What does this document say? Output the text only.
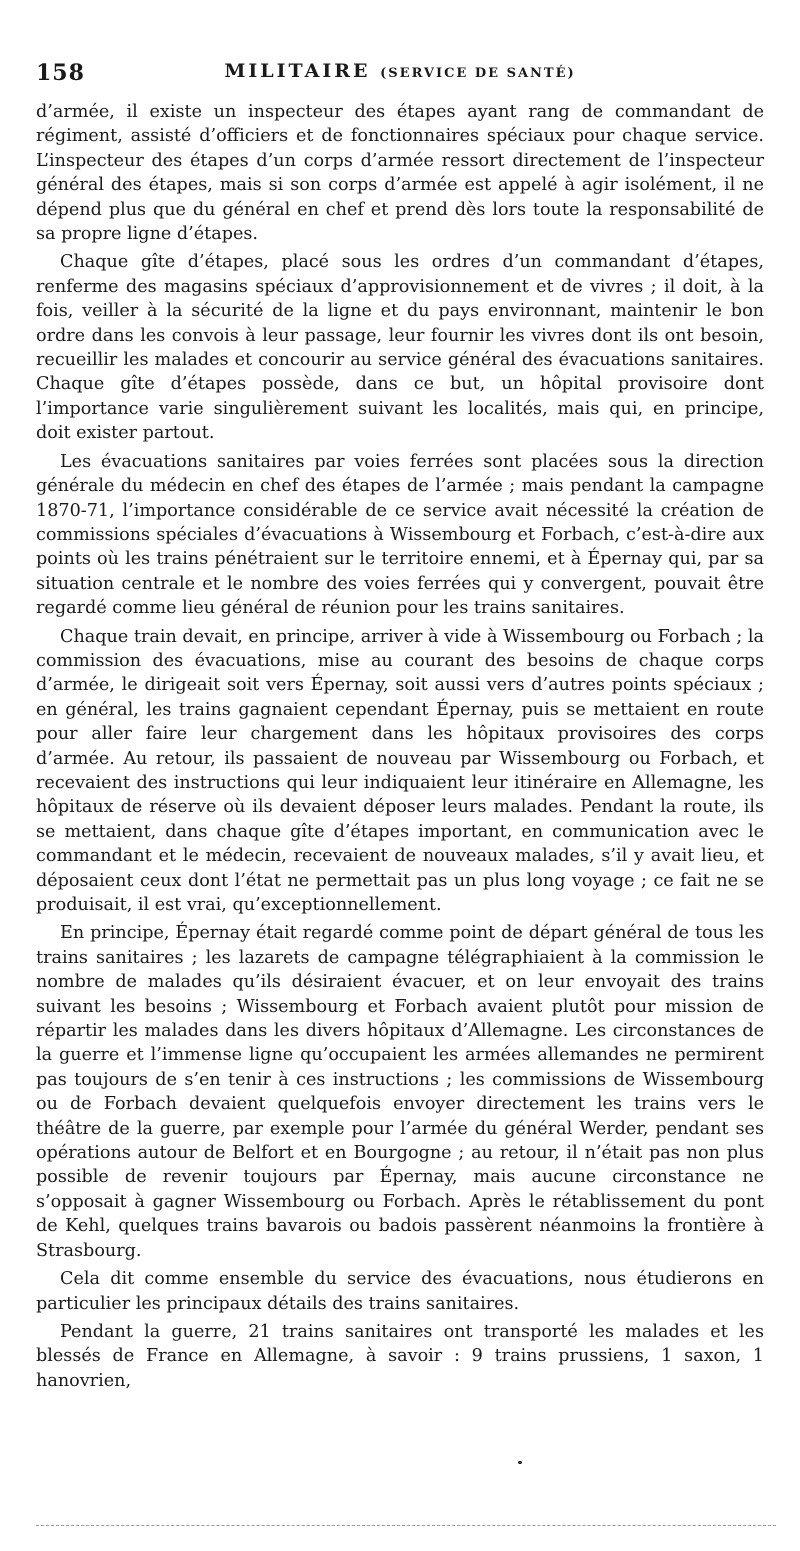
158	MILITAIRE (SERVICE DE SANTÉ)

d’armée, il existe un inspecteur des étapes ayant rang de commandant de régiment, assisté d’officiers et de fonctionnaires spéciaux pour chaque service. L’inspecteur des étapes d’un corps d’armée ressort directement de l’inspecteur général des étapes, mais si son corps d’armée est appelé à agir isolément, il ne dépend plus que du général en chef et prend dès lors toute la responsabilité de sa propre ligne d’étapes.

Chaque gîte d’étapes, placé sous les ordres d’un commandant d’étapes, renferme des magasins spéciaux d’approvisionnement et de vivres ; il doit, à la fois, veiller à la sécurité de la ligne et du pays environnant, maintenir le bon ordre dans les convois à leur passage, leur fournir les vivres dont ils ont besoin, recueillir les malades et concourir au service général des évacuations sanitaires. Chaque gîte d’étapes possède, dans ce but, un hôpital provisoire dont l’importance varie singulièrement suivant les localités, mais qui, en principe, doit exister partout.

Les évacuations sanitaires par voies ferrées sont placées sous la direction générale du médecin en chef des étapes de l’armée ; mais pendant la campagne 1870-71, l’importance considérable de ce service avait nécessité la création de commissions spéciales d’évacuations à Wissembourg et Forbach, c’est-à-dire aux points où les trains pénétraient sur le territoire ennemi, et à Épernay qui, par sa situation centrale et le nombre des voies ferrées qui y convergent, pouvait être regardé comme lieu général de réunion pour les trains sanitaires.

Chaque train devait, en principe, arriver à vide à Wissembourg ou Forbach ; la commission des évacuations, mise au courant des besoins de chaque corps d’armée, le dirigeait soit vers Épernay, soit aussi vers d’autres points spéciaux ; en général, les trains gagnaient cependant Épernay, puis se mettaient en route pour aller faire leur chargement dans les hôpitaux provisoires des corps d’armée. Au retour, ils passaient de nouveau par Wissembourg ou Forbach, et recevaient des instructions qui leur indiquaient leur itinéraire en Allemagne, les hôpitaux de réserve où ils devaient déposer leurs malades. Pendant la route, ils se mettaient, dans chaque gîte d’étapes important, en communication avec le commandant et le médecin, recevaient de nouveaux malades, s’il y avait lieu, et déposaient ceux dont l’état ne permettait pas un plus long voyage ; ce fait ne se produisait, il est vrai, qu’exceptionnellement.

En principe, Épernay était regardé comme point de départ général de tous les trains sanitaires ; les lazarets de campagne télégraphiaient à la commission le nombre de malades qu’ils désiraient évacuer, et on leur envoyait des trains suivant les besoins ; Wissembourg et Forbach avaient plutôt pour mission de répartir les malades dans les divers hôpitaux d’Allemagne. Les circonstances de la guerre et l’immense ligne qu’occupaient les armées allemandes ne permirent pas toujours de s’en tenir à ces instructions ; les commissions de Wissembourg ou de Forbach devaient quelquefois envoyer directement les trains vers le théâtre de la guerre, par exemple pour l’armée du général Werder, pendant ses opérations autour de Belfort et en Bourgogne ; au retour, il n’était pas non plus possible de revenir toujours par Épernay, mais aucune circonstance ne s’opposait à gagner Wissembourg ou Forbach. Après le rétablissement du pont de Kehl, quelques trains bavarois ou badois passèrent néanmoins la frontière à Strasbourg.

Cela dit comme ensemble du service des évacuations, nous étudierons en particulier les principaux détails des trains sanitaires.

Pendant la guerre, 21 trains sanitaires ont transporté les malades et les blessés de France en Allemagne, à savoir : 9 trains prussiens, 1 saxon, 1 hanovrien,
